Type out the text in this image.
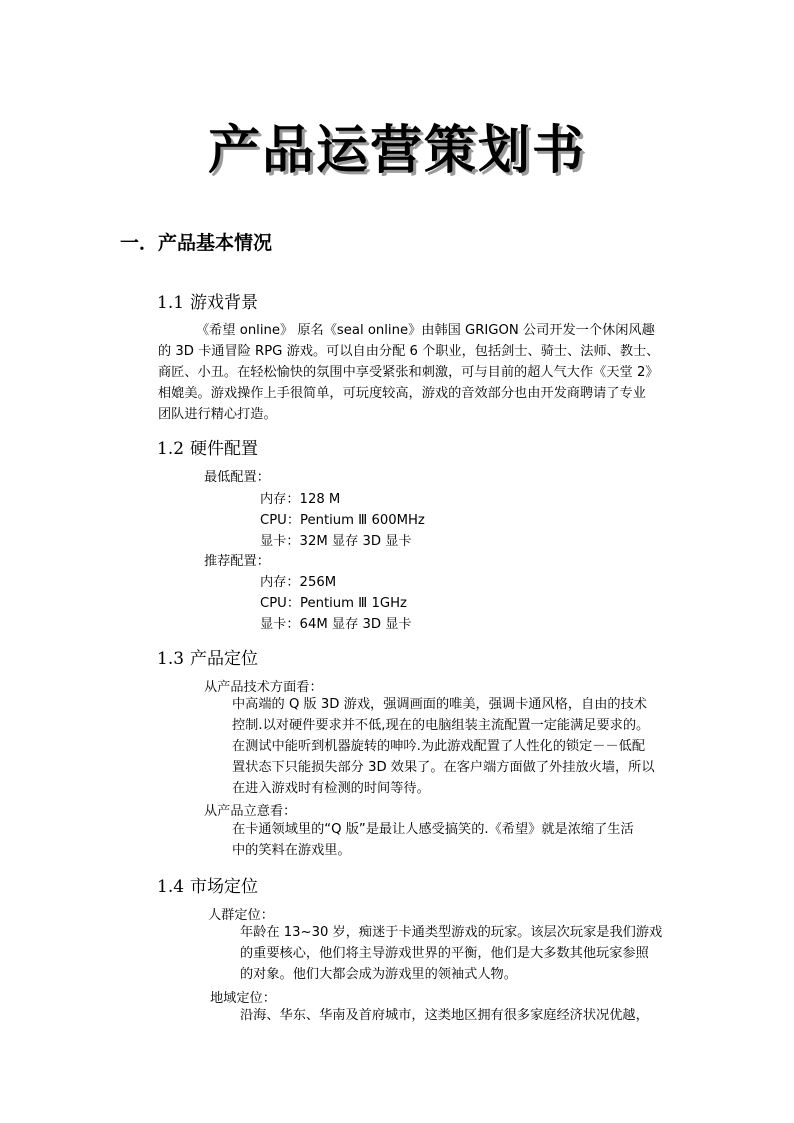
产品运营策划书
一．产品基本情况
1.1 游戏背景
《希望 online》 原名《seal online》由韩国 GRIGON 公司开发一个休闲风趣
的 3D 卡通冒险 RPG 游戏。可以自由分配 6 个职业，包括剑士、骑士、法师、教士、
商匠、小丑。在轻松愉快的氛围中享受紧张和刺激，可与目前的超人气大作《天堂 2》
相媲美。游戏操作上手很简单，可玩度较高，游戏的音效部分也由开发商聘请了专业
团队进行精心打造。
1.2 硬件配置
最低配置：
内存：128 M
CPU：Pentium Ⅲ 600MHz
显卡：32M 显存 3D 显卡
推荐配置：
内存：256M
CPU：Pentium Ⅲ 1GHz
显卡：64M 显存 3D 显卡
1.3 产品定位
从产品技术方面看：
中高端的 Q 版 3D 游戏，强调画面的唯美，强调卡通风格，自由的技术
控制.以对硬件要求并不低,现在的电脑组装主流配置一定能满足要求的。
在测试中能听到机器旋转的呻吟.为此游戏配置了人性化的锁定－－低配
置状态下只能损失部分 3D 效果了。在客户端方面做了外挂放火墙，所以
在进入游戏时有检测的时间等待。
从产品立意看：
在卡通领域里的“Q 版”是最让人感受搞笑的.《希望》就是浓缩了生活
中的笑料在游戏里。
1.4 市场定位
人群定位：
年龄在 13~30 岁，痴迷于卡通类型游戏的玩家。该层次玩家是我们游戏
的重要核心，他们将主导游戏世界的平衡，他们是大多数其他玩家参照
的对象。他们大都会成为游戏里的领袖式人物。
地域定位：
沿海、华东、华南及首府城市，这类地区拥有很多家庭经济状况优越，
